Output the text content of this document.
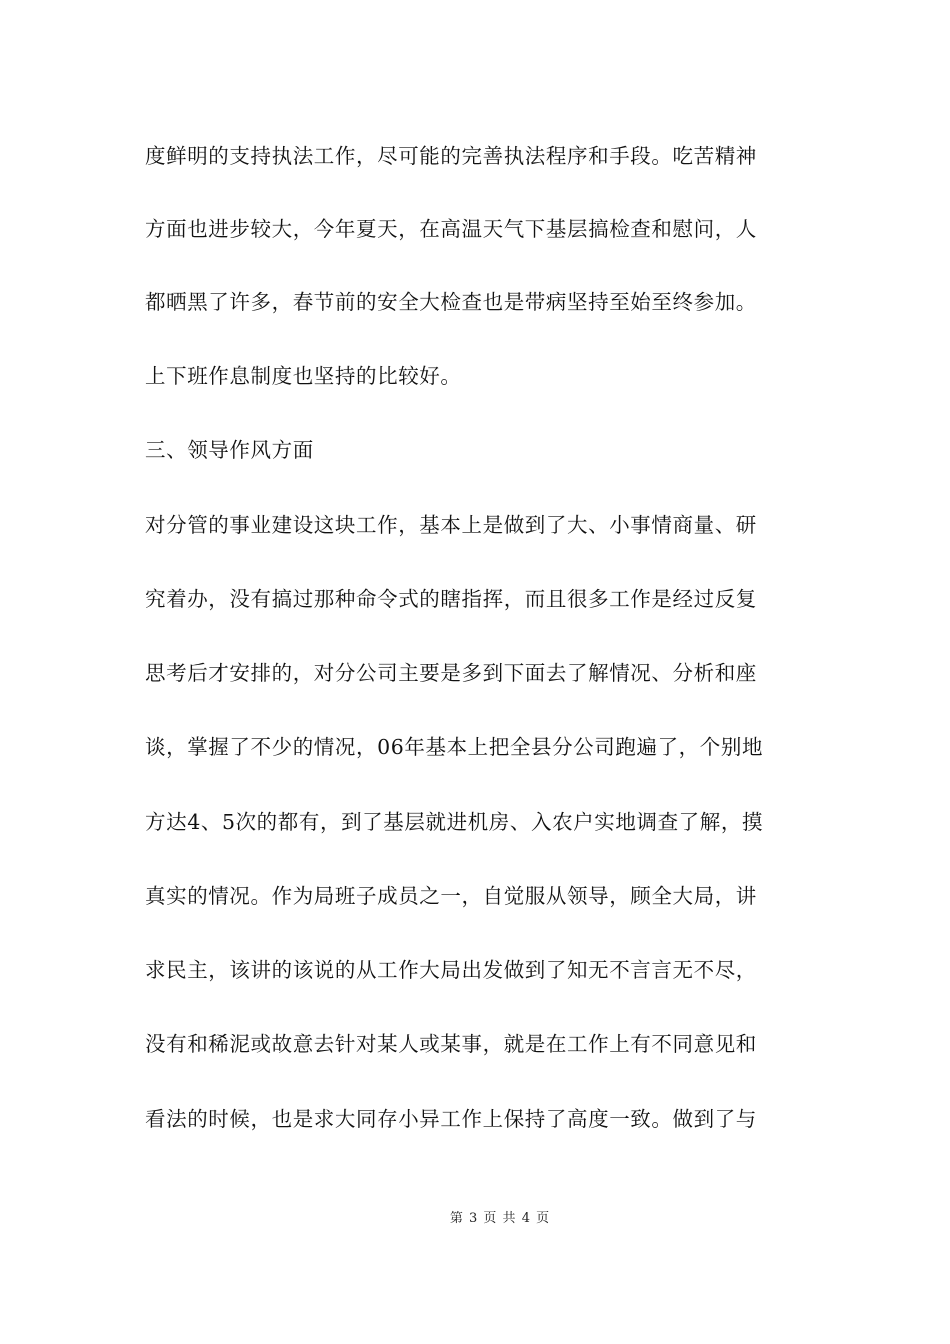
度鲜明的支持执法工作，尽可能的完善执法程序和手段。吃苦精神
方面也进步较大，今年夏天，在高温天气下基层搞检查和慰问，人
都晒黑了许多，春节前的安全大检查也是带病坚持至始至终参加。
上下班作息制度也坚持的比较好。
三、领导作风方面
对分管的事业建设这块工作，基本上是做到了大、小事情商量、研
究着办，没有搞过那种命令式的瞎指挥，而且很多工作是经过反复
思考后才安排的，对分公司主要是多到下面去了解情况、分析和座
谈，掌握了不少的情况，06年基本上把全县分公司跑遍了，个别地
方达4、5次的都有，到了基层就进机房、入农户实地调查了解，摸
真实的情况。作为局班子成员之一，自觉服从领导，顾全大局，讲
求民主，该讲的该说的从工作大局出发做到了知无不言言无不尽，
没有和稀泥或故意去针对某人或某事，就是在工作上有不同意见和
看法的时候，也是求大同存小异工作上保持了高度一致。做到了与
第 3 页 共 4 页
